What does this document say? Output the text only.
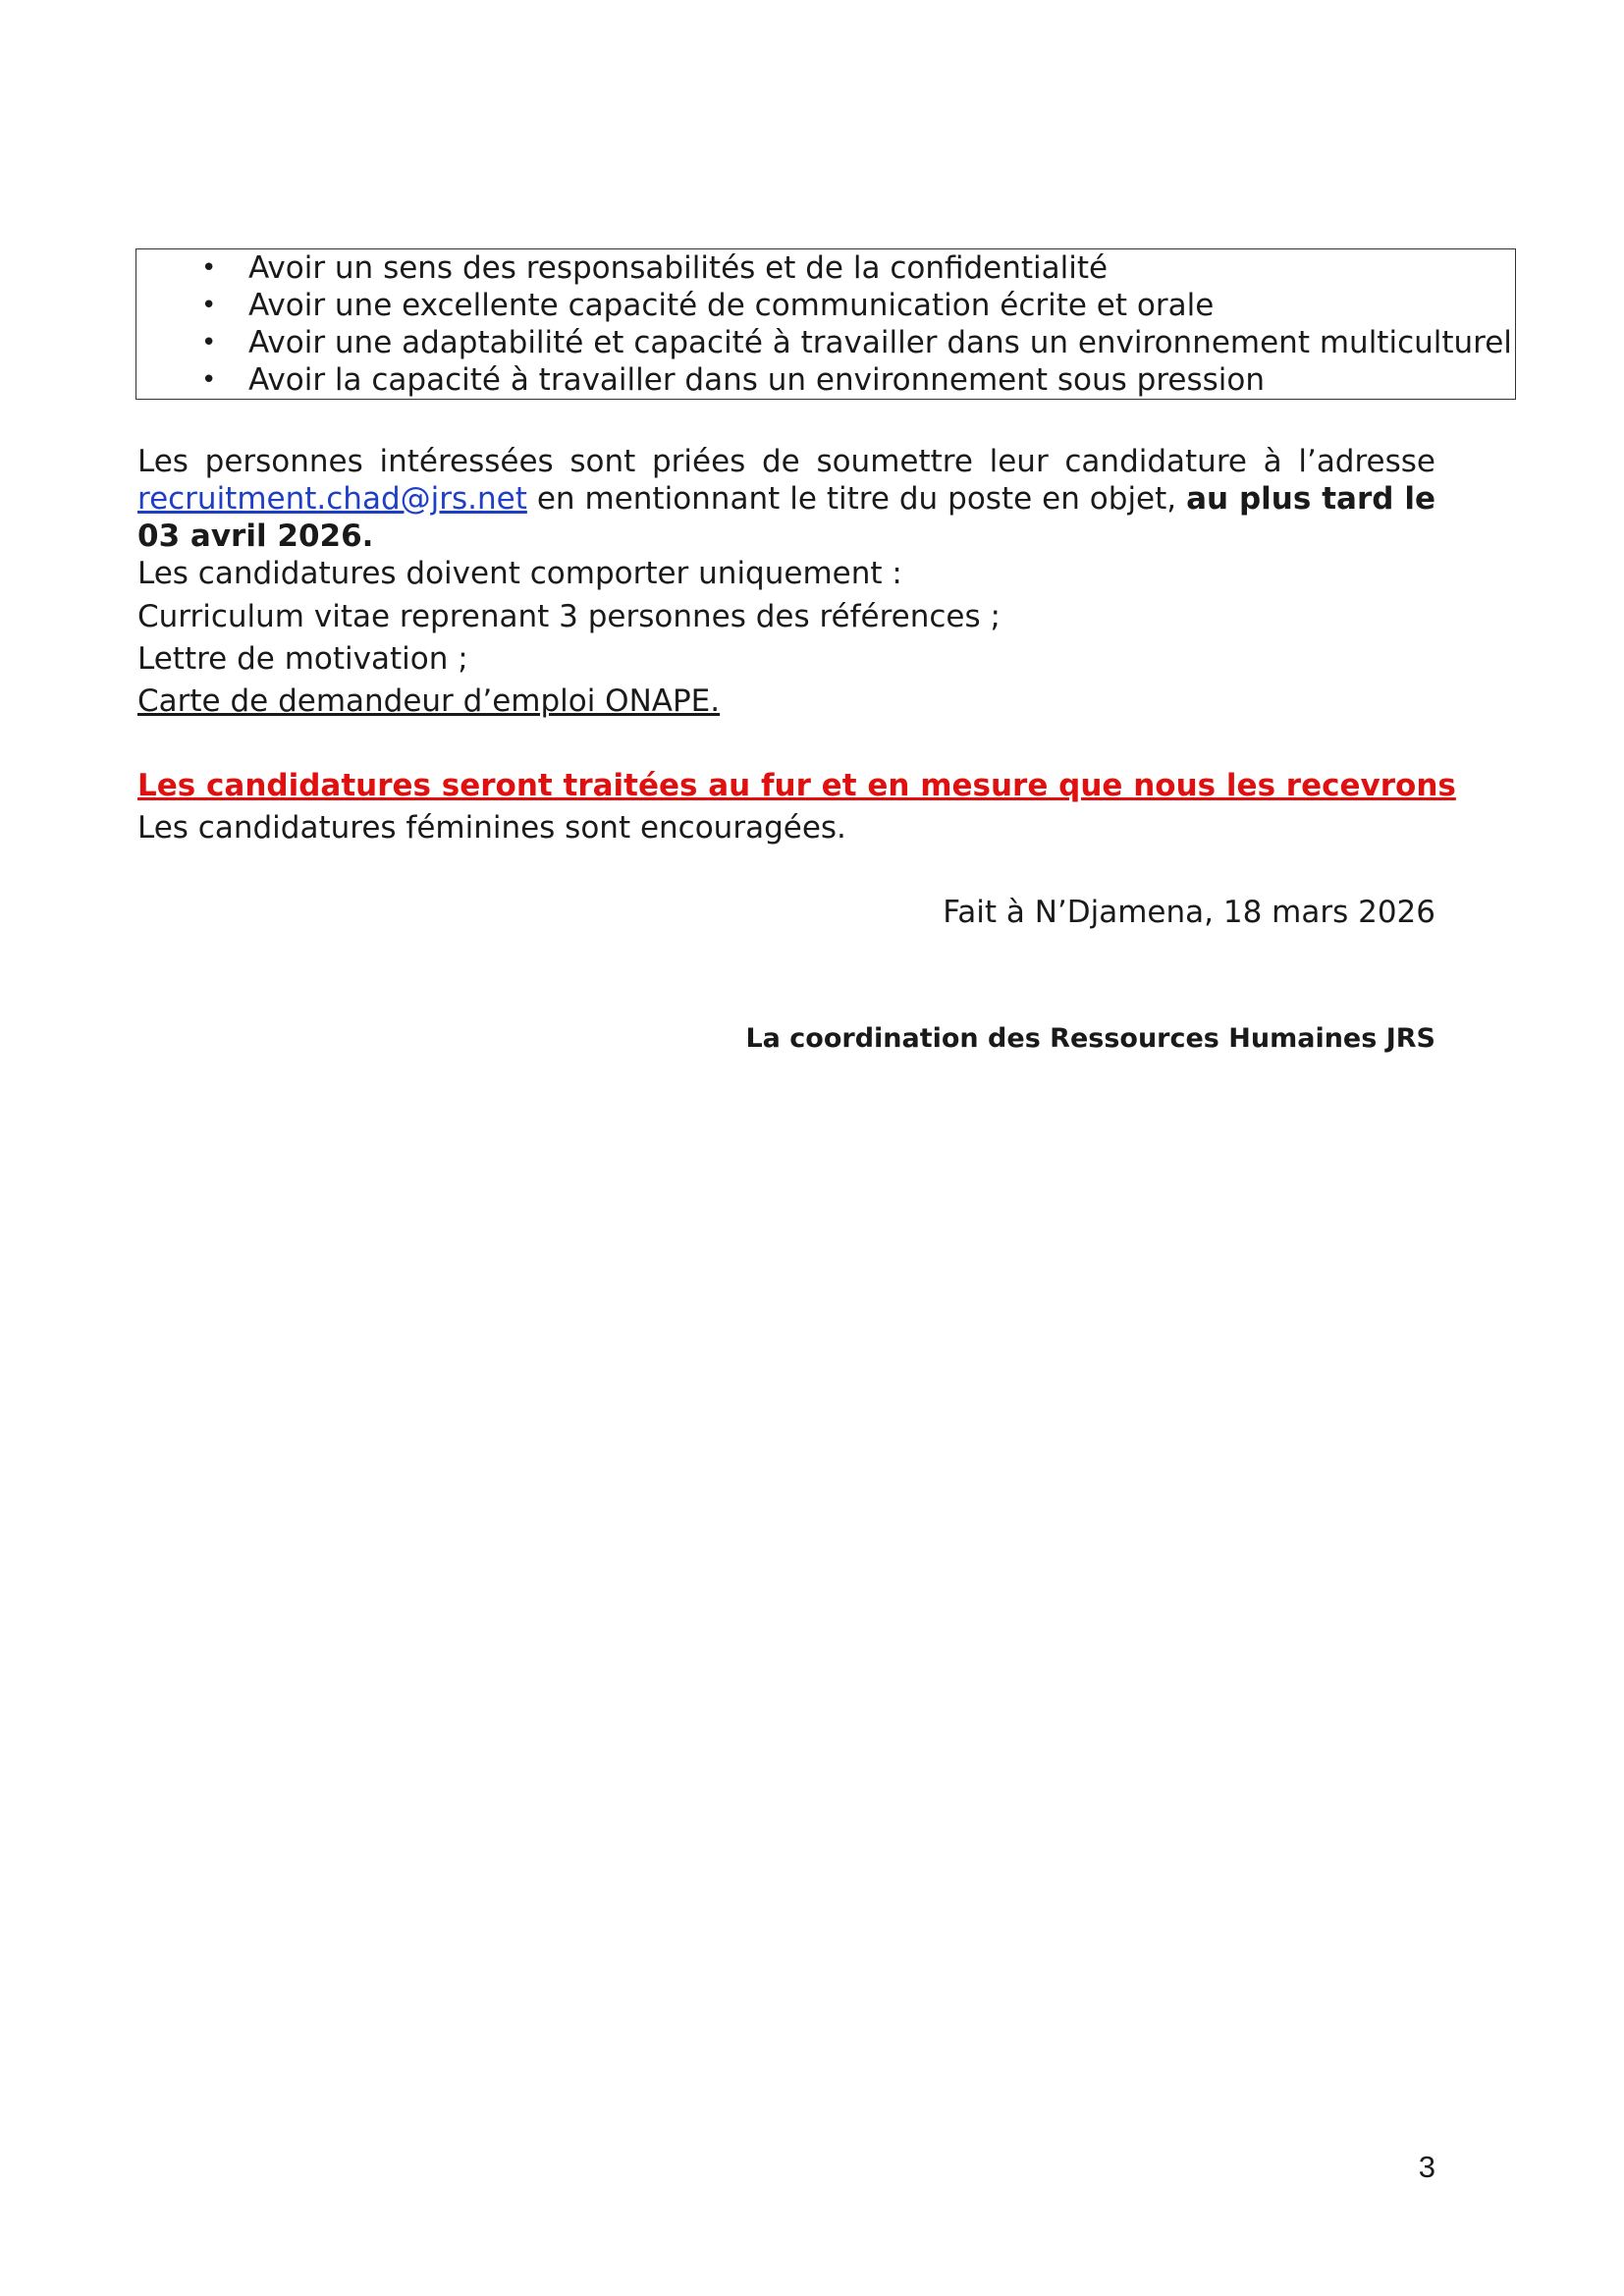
• Avoir un sens des responsabilités et de la confidentialité
• Avoir une excellente capacité de communication écrite et orale
• Avoir une adaptabilité et capacité à travailler dans un environnement multiculturel
• Avoir la capacité à travailler dans un environnement sous pression
Les personnes intéressées sont priées de soumettre leur candidature à l’adresse
recruitment.chad@jrs.net en mentionnant le titre du poste en objet, au plus tard le
03 avril 2026.
Les candidatures doivent comporter uniquement :
Curriculum vitae reprenant 3 personnes des références ;
Lettre de motivation ;
Carte de demandeur d’emploi ONAPE.
Les candidatures seront traitées au fur et en mesure que nous les recevrons
Les candidatures féminines sont encouragées.
Fait à N’Djamena, 18 mars 2026
La coordination des Ressources Humaines JRS
3
